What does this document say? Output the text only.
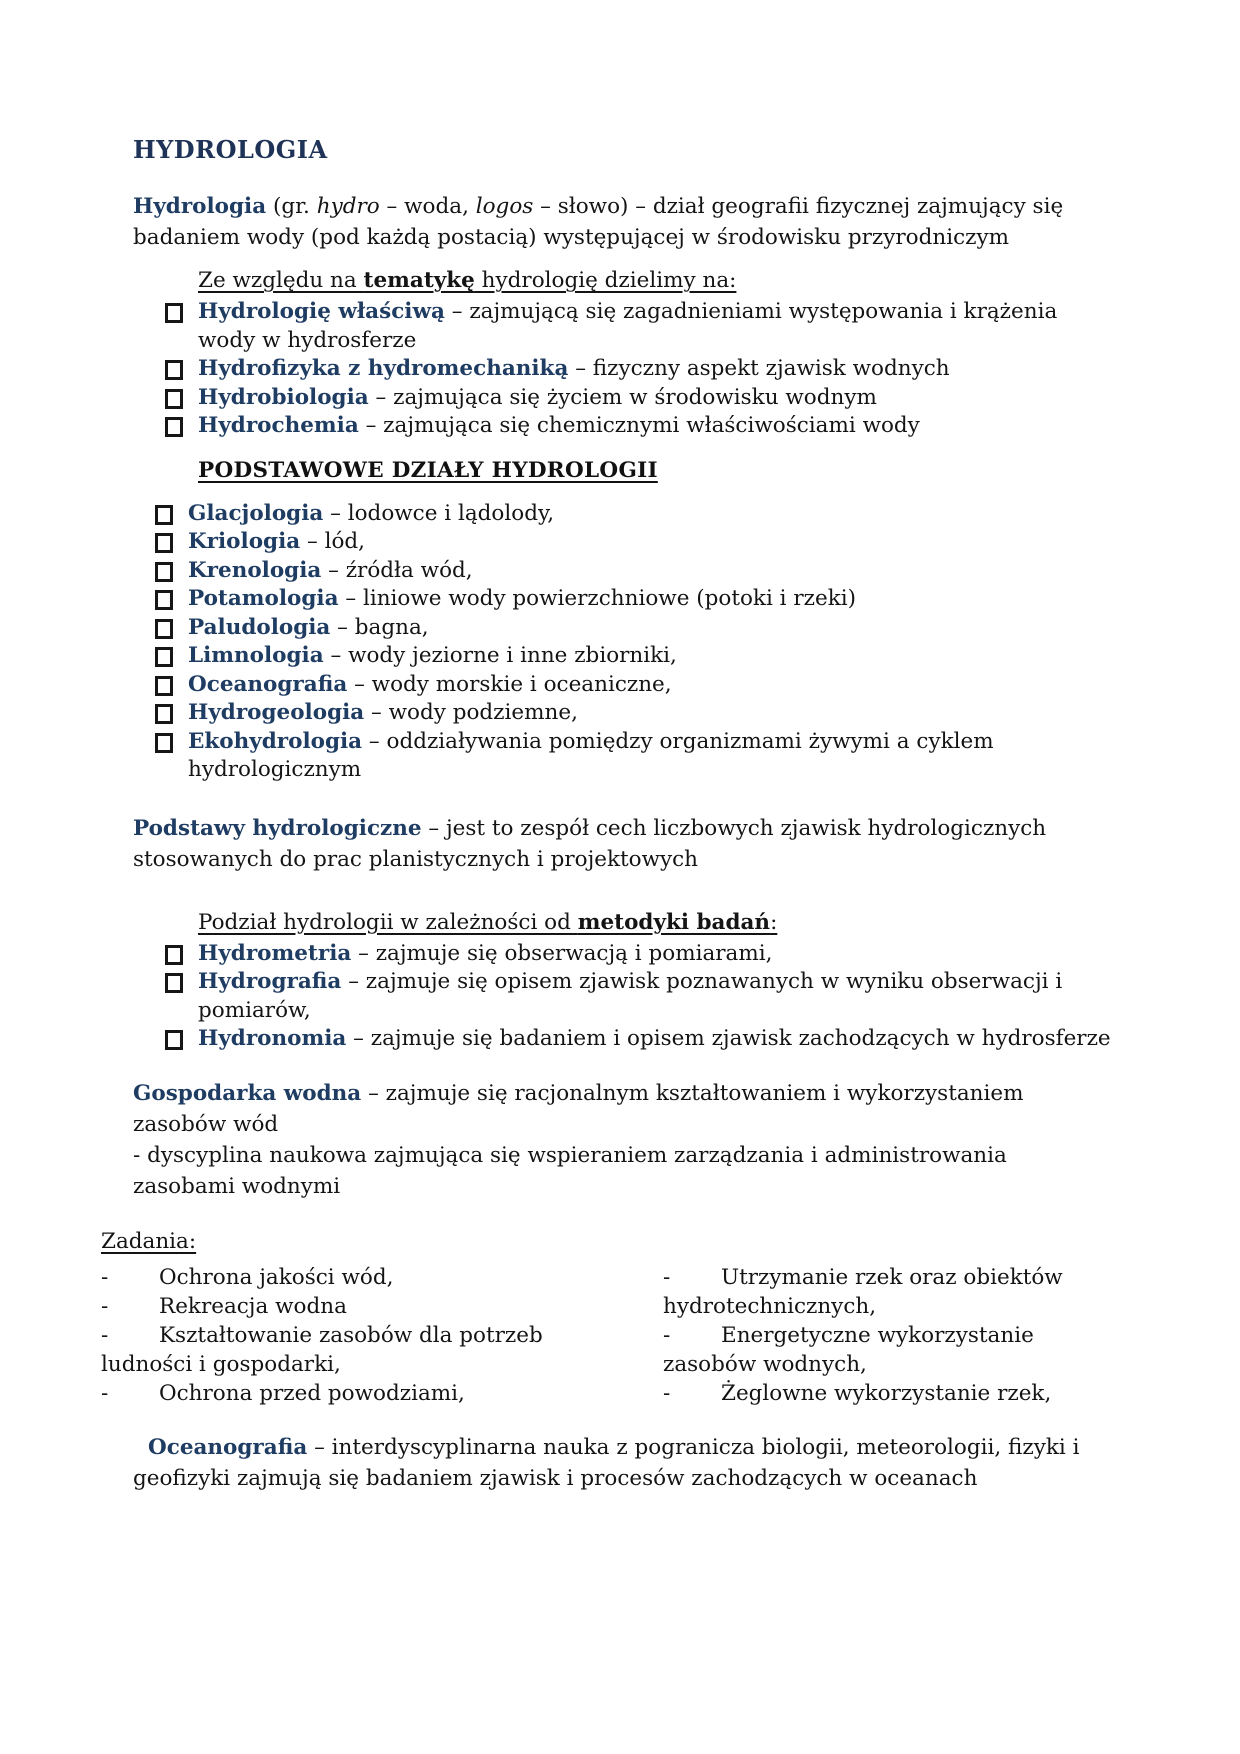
HYDROLOGIA

Hydrologia (gr. hydro – woda, logos – słowo) – dział geografii fizycznej zajmujący się badaniem wody (pod każdą postacią) występującej w środowisku przyrodniczym

Ze względu na tematykę hydrologię dzielimy na:
Hydrologię właściwą – zajmującą się zagadnieniami występowania i krążenia wody w hydrosferze
Hydrofizyka z hydromechaniką – fizyczny aspekt zjawisk wodnych
Hydrobiologia – zajmująca się życiem w środowisku wodnym
Hydrochemia – zajmująca się chemicznymi właściwościami wody
PODSTAWOWE DZIAŁY HYDROLOGII
Glacjologia – lodowce i lądolody,
Kriologia – lód,
Krenologia – źródła wód,
Potamologia – liniowe wody powierzchniowe (potoki i rzeki)
Paludologia – bagna,
Limnologia – wody jeziorne i inne zbiorniki,
Oceanografia – wody morskie i oceaniczne,
Hydrogeologia – wody podziemne,
Ekohydrologia – oddziaływania pomiędzy organizmami żywymi a cyklem hydrologicznym

Podstawy hydrologiczne – jest to zespół cech liczbowych zjawisk hydrologicznych stosowanych do prac planistycznych i projektowych

Podział hydrologii w zależności od metodyki badań:
Hydrometria – zajmuje się obserwacją i pomiarami,
Hydrografia – zajmuje się opisem zjawisk poznawanych w wyniku obserwacji i pomiarów,
Hydronomia – zajmuje się badaniem i opisem zjawisk zachodzących w hydrosferze

Gospodarka wodna – zajmuje się racjonalnym kształtowaniem i wykorzystaniem zasobów wód

- dyscyplina naukowa zajmująca się wspieraniem zarządzania i administrowania zasobami wodnymi

Zadania:
- Ochrona jakości wód,
- Rekreacja wodna
- Kształtowanie zasobów dla potrzeb ludności i gospodarki,
- Ochrona przed powodziami,
- Utrzymanie rzek oraz obiektów hydrotechnicznych,
- Energetyczne wykorzystanie zasobów wodnych,
- Żeglowne wykorzystanie rzek,

Oceanografia – interdyscyplinarna nauka z pogranicza biologii, meteorologii, fizyki i geofizyki zajmują się badaniem zjawisk i procesów zachodzących w oceanach
